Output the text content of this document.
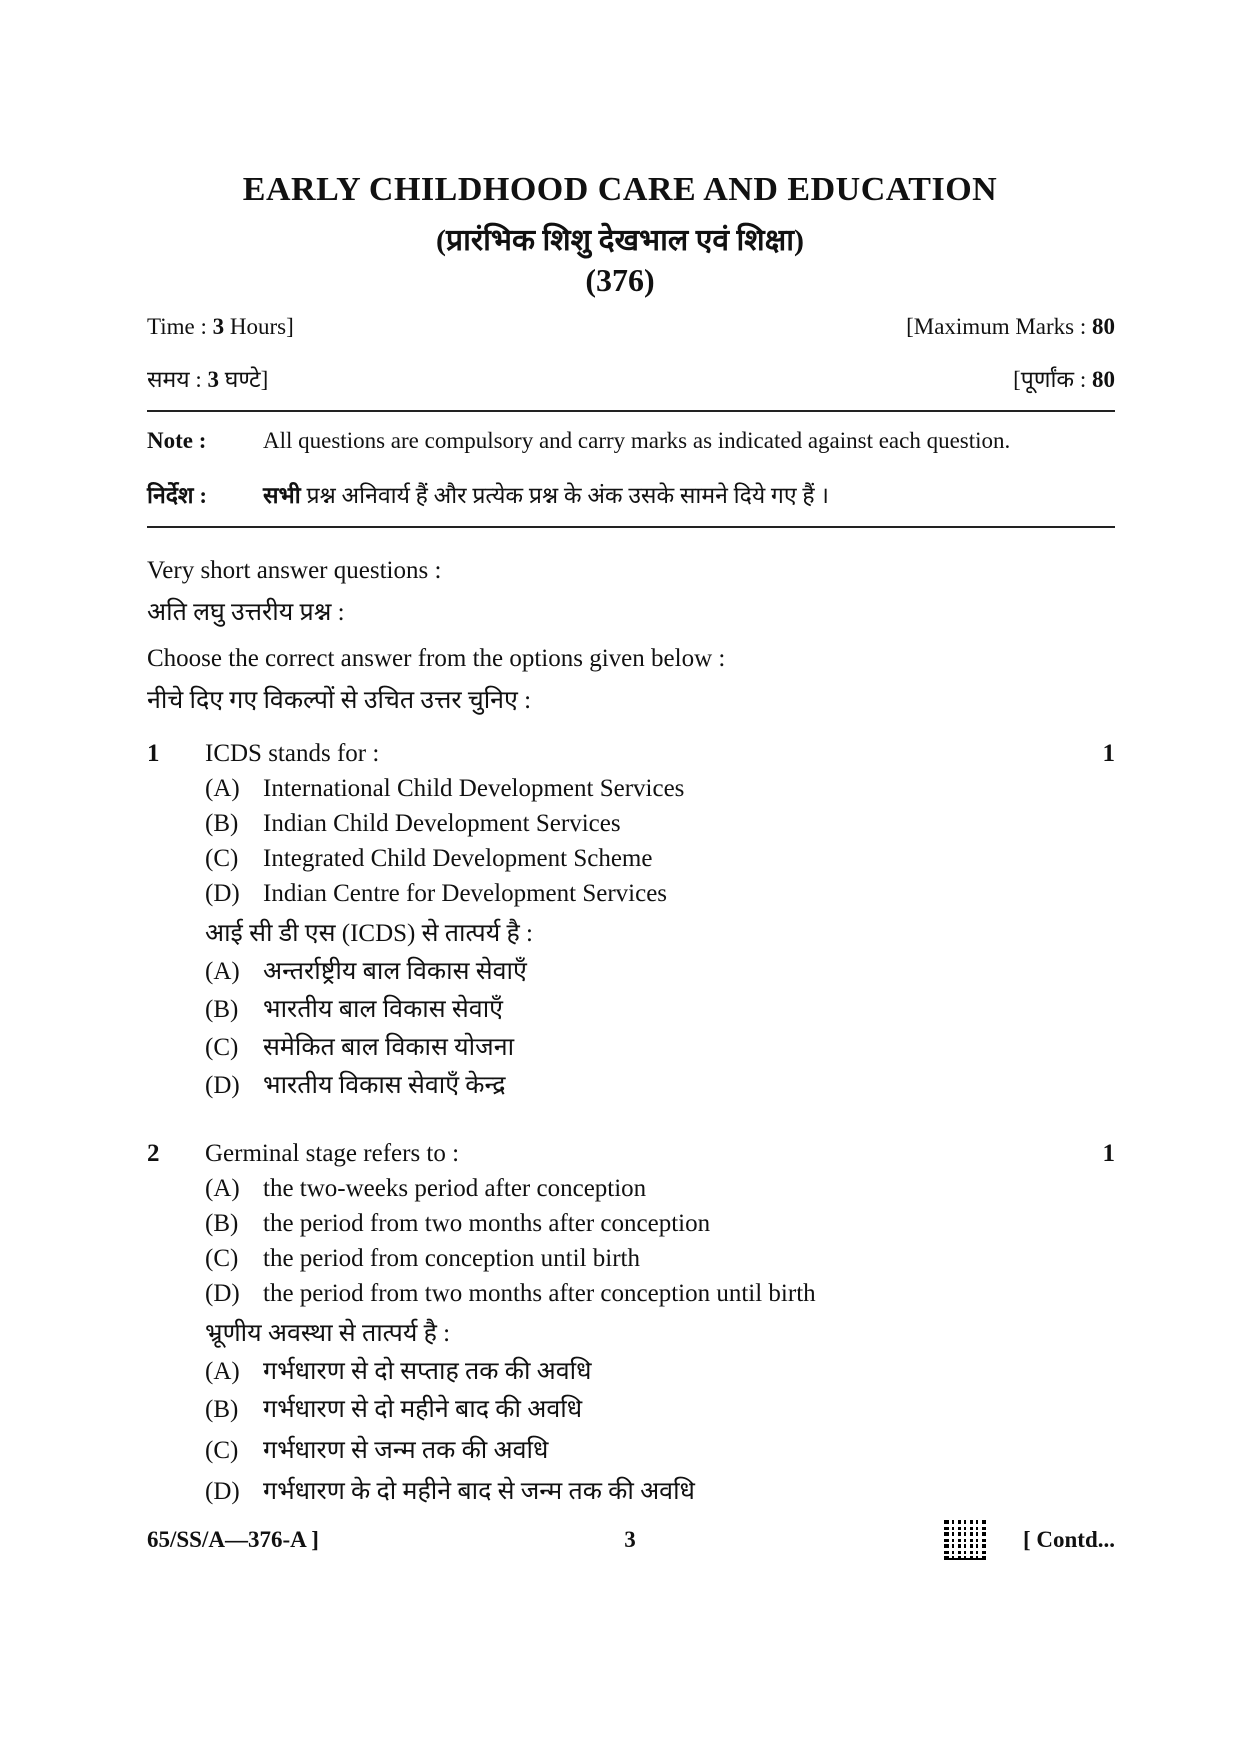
EARLY CHILDHOOD CARE AND EDUCATION
(प्रारंभिक शिशु देखभाल एवं शिक्षा)
(376)
Time : 3 Hours]	[Maximum Marks : 80
समय : 3 घण्टे]	[पूर्णांक : 80
Note : All questions are compulsory and carry marks as indicated against each question.
निर्देश : सभी प्रश्न अनिवार्य हैं और प्रत्येक प्रश्न के अंक उसके सामने दिये गए हैं ।
Very short answer questions :
अति लघु उत्तरीय प्रश्न :
Choose the correct answer from the options given below :
नीचे दिए गए विकल्पों से उचित उत्तर चुनिए :
1 ICDS stands for :	1
(A) International Child Development Services
(B) Indian Child Development Services
(C) Integrated Child Development Scheme
(D) Indian Centre for Development Services
आई सी डी एस (ICDS) से तात्पर्य है :
(A) अन्तर्राष्ट्रीय बाल विकास सेवाएँ
(B) भारतीय बाल विकास सेवाएँ
(C) समेकित बाल विकास योजना
(D) भारतीय विकास सेवाएँ केन्द्र
2 Germinal stage refers to :	1
(A) the two-weeks period after conception
(B) the period from two months after conception
(C) the period from conception until birth
(D) the period from two months after conception until birth
भ्रूणीय अवस्था से तात्पर्य है :
(A) गर्भधारण से दो सप्ताह तक की अवधि
(B) गर्भधारण से दो महीने बाद की अवधि
(C) गर्भधारण से जन्म तक की अवधि
(D) गर्भधारण के दो महीने बाद से जन्म तक की अवधि
65/SS/A—376-A ]	3	[ Contd...
